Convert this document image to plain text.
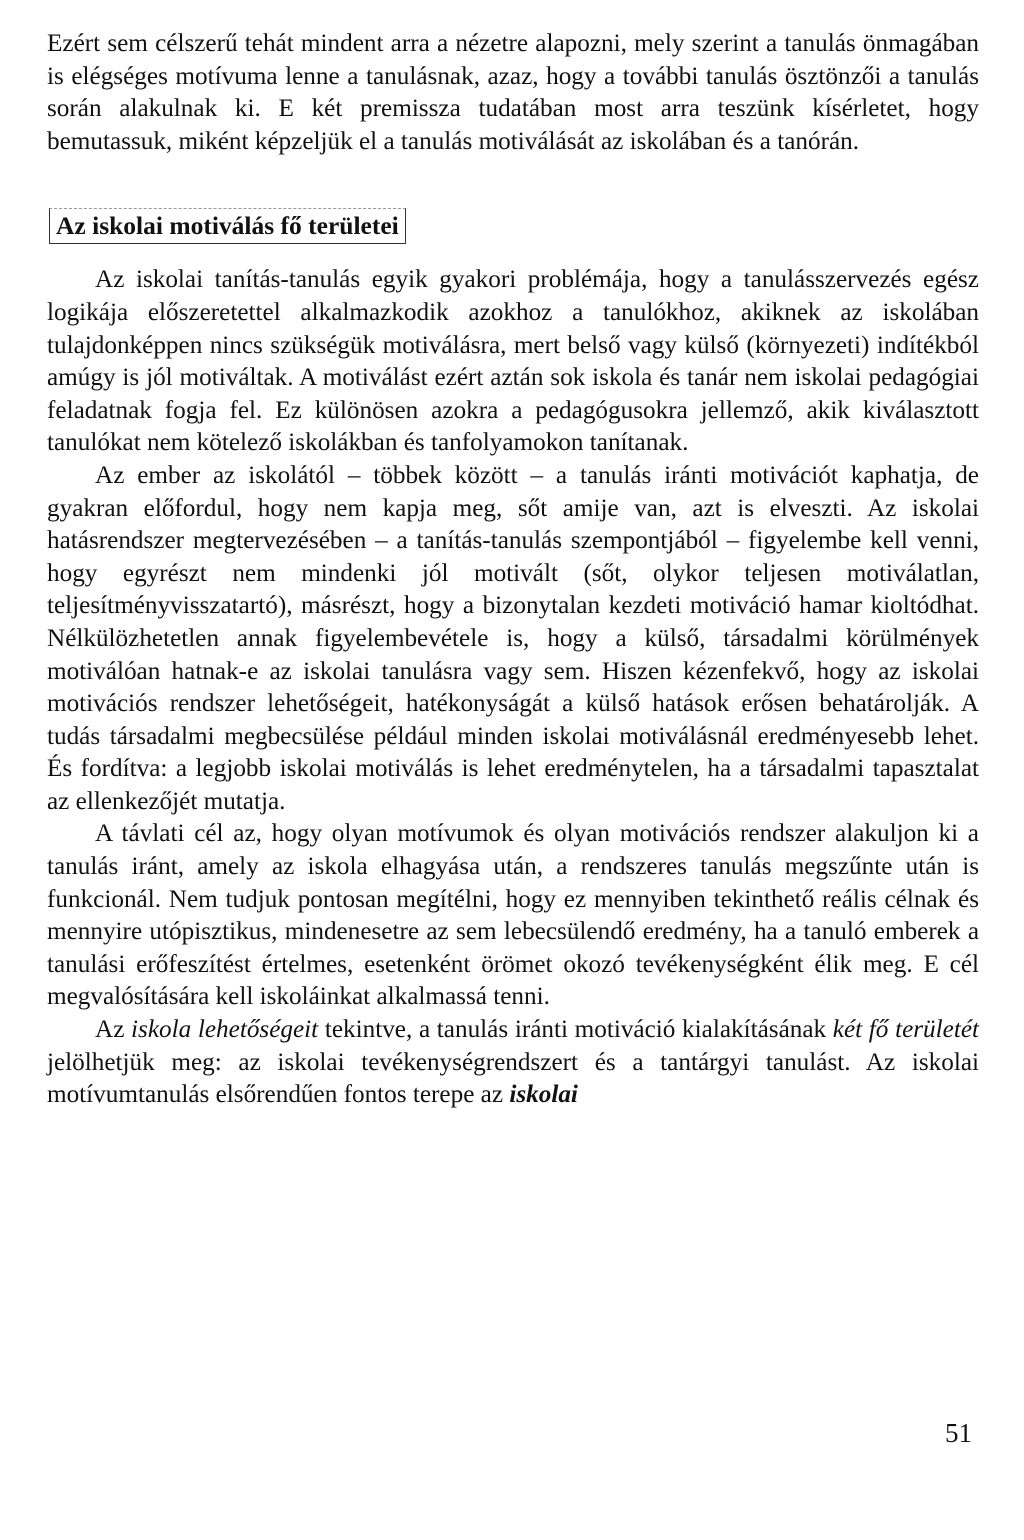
Ezért sem célszerű tehát mindent arra a nézetre alapozni, mely szerint a tanulás önmagában is elégséges motívuma lenne a tanulásnak, azaz, hogy a további tanulás ösztönzői a tanulás során alakulnak ki. E két premissza tudatában most arra teszünk kísérletet, hogy bemutassuk, miként képzeljük el a tanulás motiválását az iskolában és a tanórán.

Az iskolai motiválás fő területei

Az iskolai tanítás-tanulás egyik gyakori problémája, hogy a tanulásszervezés egész logikája előszeretettel alkalmazkodik azokhoz a tanulókhoz, akiknek az iskolában tulajdonképpen nincs szükségük motiválásra, mert belső vagy külső (környezeti) indítékból amúgy is jól motiváltak. A motiválást ezért aztán sok iskola és tanár nem iskolai pedagógiai feladatnak fogja fel. Ez különösen azokra a pedagógusokra jellemző, akik kiválasztott tanulókat nem kötelező iskolákban és tanfolyamokon tanítanak.

Az ember az iskolától – többek között – a tanulás iránti motivációt kaphatja, de gyakran előfordul, hogy nem kapja meg, sőt amije van, azt is elveszti. Az iskolai hatásrendszer megtervezésében – a tanítás-tanulás szempontjából – figyelembe kell venni, hogy egyrészt nem mindenki jól motivált (sőt, olykor teljesen motiválatlan, teljesítményvisszatartó), másrészt, hogy a bizonytalan kezdeti motiváció hamar kioltódhat. Nélkülözhetetlen annak figyelembevétele is, hogy a külső, társadalmi körülmények motiválóan hatnak-e az iskolai tanulásra vagy sem. Hiszen kézenfekvő, hogy az iskolai motivációs rendszer lehetőségeit, hatékonyságát a külső hatások erősen behatárolják. A tudás társadalmi megbecsülése például minden iskolai motiválásnál eredményesebb lehet. És fordítva: a legjobb iskolai motiválás is lehet eredménytelen, ha a társadalmi tapasztalat az ellenkezőjét mutatja.

A távlati cél az, hogy olyan motívumok és olyan motivációs rendszer alakuljon ki a tanulás iránt, amely az iskola elhagyása után, a rendszeres tanulás megszűnte után is funkcionál. Nem tudjuk pontosan megítélni, hogy ez mennyiben tekinthető reális célnak és mennyire utópisztikus, mindenesetre az sem lebecsülendő eredmény, ha a tanuló emberek a tanulási erőfeszítést értelmes, esetenként örömet okozó tevékenységként élik meg. E cél megvalósítására kell iskoláinkat alkalmassá tenni.

Az iskola lehetőségeit tekintve, a tanulás iránti motiváció kialakításának két fő területét jelölhetjük meg: az iskolai tevékenységrendszert és a tantárgyi tanulást. Az iskolai motívumtanulás elsőrendűen fontos terepe az iskolai

51
